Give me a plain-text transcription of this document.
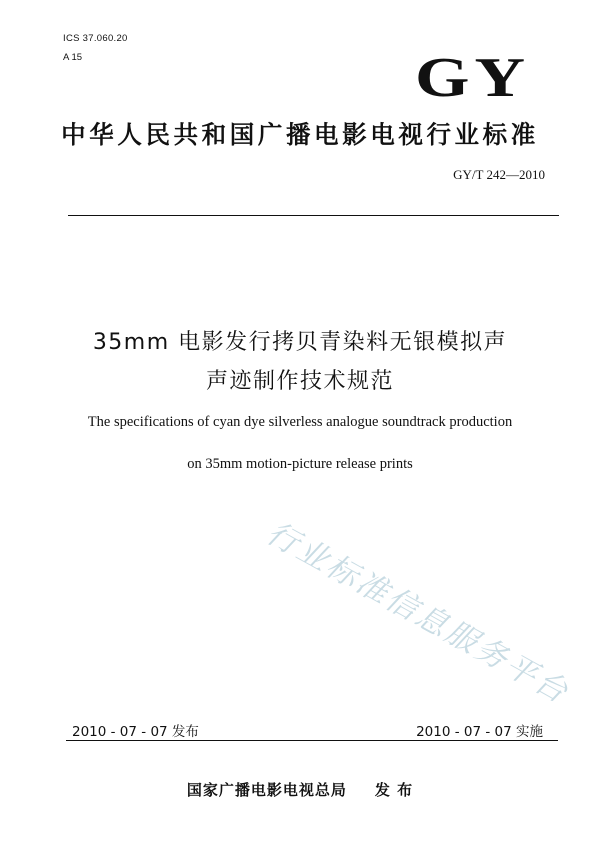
ICS 37.060.20
A 15	GY
中华人民共和国广播电影电视行业标准
GY/T 242—2010
35mm 电影发行拷贝青染料无银模拟声
声迹制作技术规范
The specifications of cyan dye silverless analogue soundtrack production
on 35mm motion-picture release prints
行业标准信息服务平台
2010 - 07 - 07 发布	2010 - 07 - 07 实施
国家广播电影电视总局 发 布
